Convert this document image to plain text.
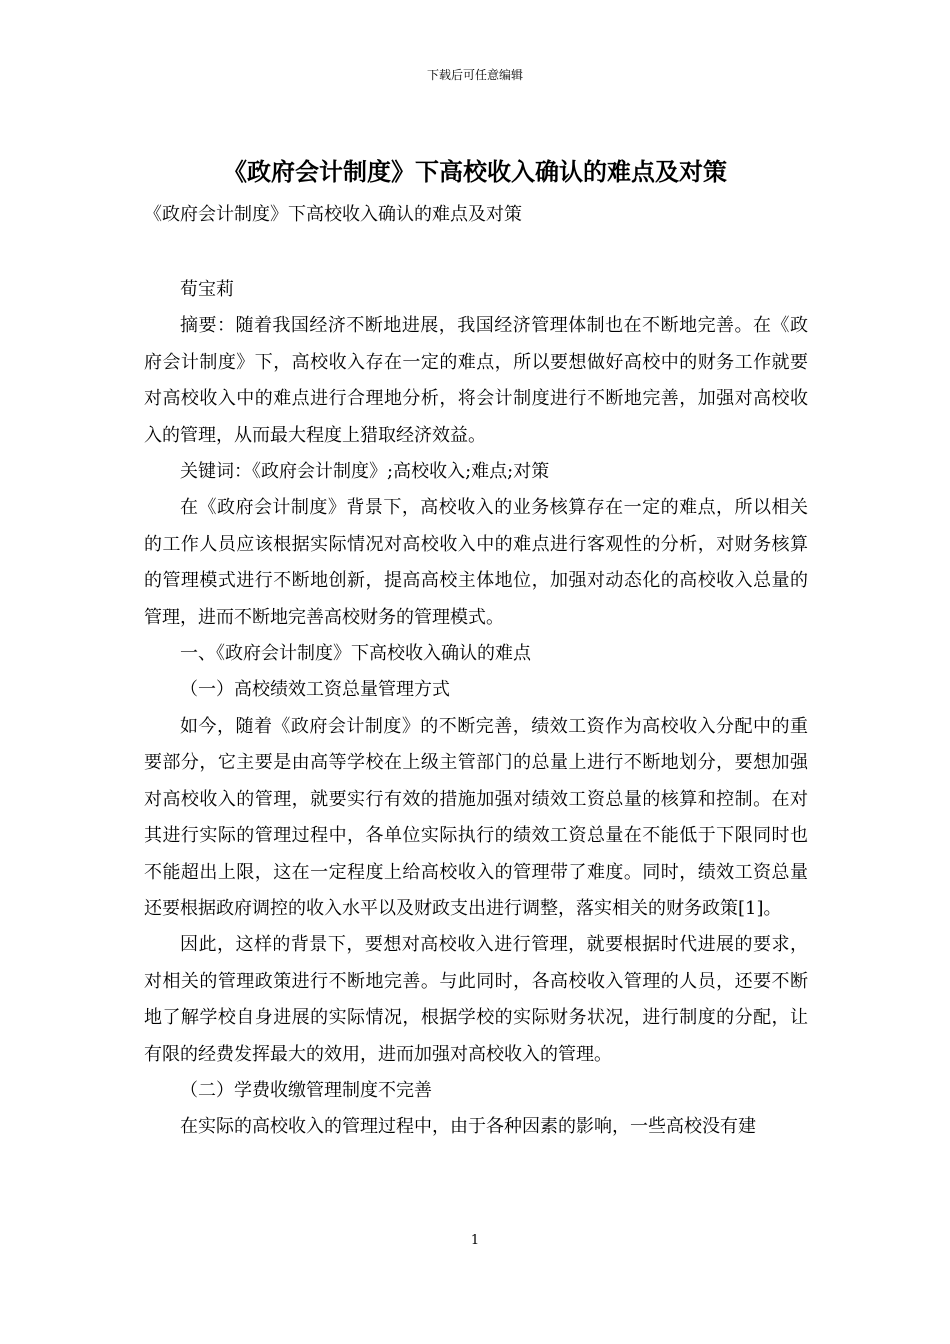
下载后可任意编辑
《政府会计制度》下高校收入确认的难点及对策
《政府会计制度》下高校收入确认的难点及对策

荀宝莉

摘要：随着我国经济不断地进展，我国经济管理体制也在不断地完善。在《政府会计制度》下，高校收入存在一定的难点，所以要想做好高校中的财务工作就要对高校收入中的难点进行合理地分析，将会计制度进行不断地完善，加强对高校收入的管理，从而最大程度上猎取经济效益。

关键词：《政府会计制度》;高校收入;难点;对策

在《政府会计制度》背景下，高校收入的业务核算存在一定的难点，所以相关的工作人员应该根据实际情况对高校收入中的难点进行客观性的分析，对财务核算的管理模式进行不断地创新，提高高校主体地位，加强对动态化的高校收入总量的管理，进而不断地完善高校财务的管理模式。

一、《政府会计制度》下高校收入确认的难点

（一）高校绩效工资总量管理方式

如今，随着《政府会计制度》的不断完善，绩效工资作为高校收入分配中的重要部分，它主要是由高等学校在上级主管部门的总量上进行不断地划分，要想加强对高校收入的管理，就要实行有效的措施加强对绩效工资总量的核算和控制。在对其进行实际的管理过程中，各单位实际执行的绩效工资总量在不能低于下限同时也不能超出上限，这在一定程度上给高校收入的管理带了难度。同时，绩效工资总量还要根据政府调控的收入水平以及财政支出进行调整，落实相关的财务政策[1]。

因此，这样的背景下，要想对高校收入进行管理，就要根据时代进展的要求，对相关的管理政策进行不断地完善。与此同时，各高校收入管理的人员，还要不断地了解学校自身进展的实际情况，根据学校的实际财务状况，进行制度的分配，让有限的经费发挥最大的效用，进而加强对高校收入的管理。

（二）学费收缴管理制度不完善

在实际的高校收入的管理过程中，由于各种因素的影响，一些高校没有建

1
